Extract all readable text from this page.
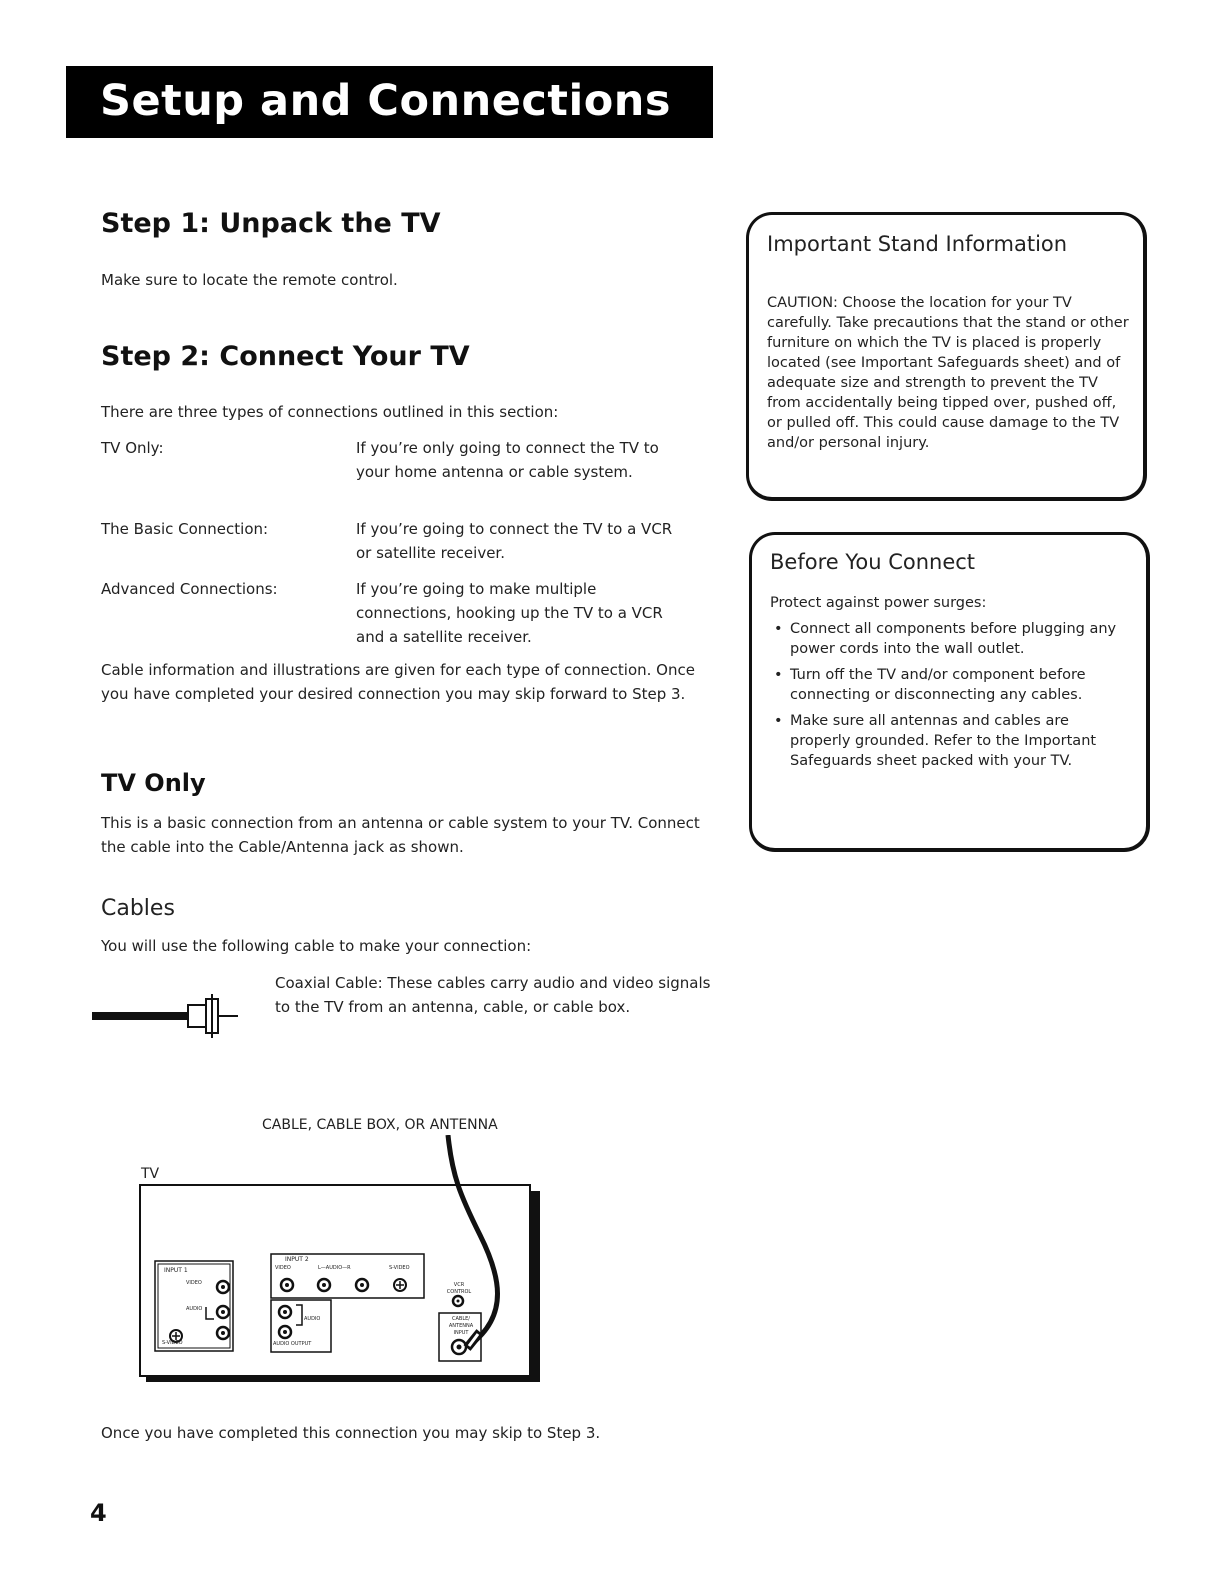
Setup and Connections
Step 1: Unpack the TV
Make sure to locate the remote control.
Step 2: Connect Your TV
There are three types of connections outlined in this section:
TV Only:	If you’re only going to connect the TV to your home antenna or cable system.
The Basic Connection:	If you’re going to connect the TV to a VCR or satellite receiver.
Advanced Connections:	If you’re going to make multiple connections, hooking up the TV to a VCR and a satellite receiver.
Cable information and illustrations are given for each type of connection. Once you have completed your desired connection you may skip forward to Step 3.
TV Only
This is a basic connection from an antenna or cable system to your TV. Connect the cable into the Cable/Antenna jack as shown.
Cables
You will use the following cable to make your connection:
Coaxial Cable: These cables carry audio and video signals to the TV from an antenna, cable, or cable box.
CABLE, CABLE BOX, OR ANTENNA
TV
INPUT 1
VIDEO
AUDIO
S-VIDEO
INPUT 2
VIDEO	L—AUDIO—R	S-VIDEO
AUDIO
AUDIO OUTPUT
VCR CONTROL
CABLE/ ANTENNA INPUT
Once you have completed this connection you may skip to Step 3.
4
Important Stand Information
CAUTION: Choose the location for your TV carefully. Take precautions that the stand or other furniture on which the TV is placed is properly located (see Important Safeguards sheet) and of adequate size and strength to prevent the TV from accidentally being tipped over, pushed off, or pulled off. This could cause damage to the TV and/or personal injury.
Before You Connect
Protect against power surges:
• Connect all components before plugging any power cords into the wall outlet.
• Turn off the TV and/or component before connecting or disconnecting any cables.
• Make sure all antennas and cables are properly grounded. Refer to the Important Safeguards sheet packed with your TV.
